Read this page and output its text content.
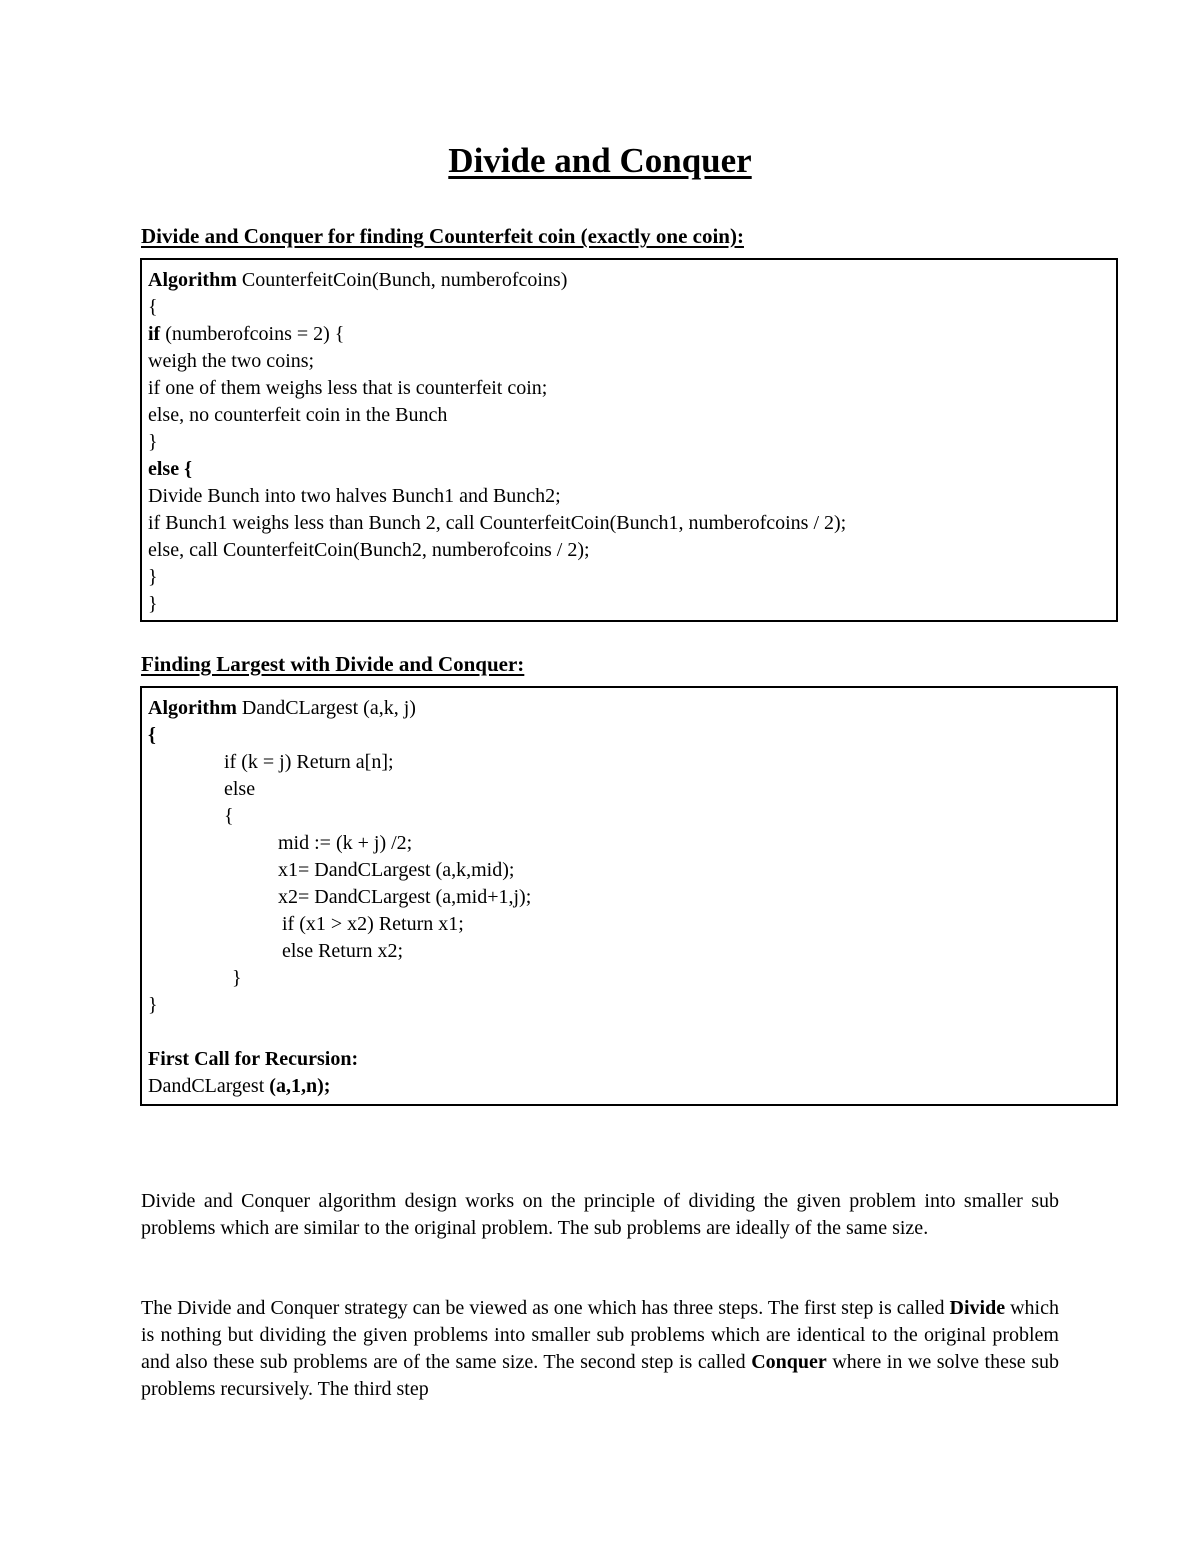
Divide and Conquer
Divide and Conquer for finding Counterfeit coin (exactly one coin):
Algorithm CounterfeitCoin(Bunch, numberofcoins)
{
if (numberofcoins = 2) {
weigh the two coins;
if one of them weighs less that is counterfeit coin;
else, no counterfeit coin in the Bunch
}
else {
Divide Bunch into two halves Bunch1 and Bunch2;
if Bunch1 weighs less than Bunch 2, call CounterfeitCoin(Bunch1, numberofcoins / 2);
else, call CounterfeitCoin(Bunch2, numberofcoins / 2);
}
}
Finding Largest with Divide and Conquer:
Algorithm DandCLargest (a,k, j)
{
if (k = j) Return a[n];
else
{
mid := (k + j) /2;
x1= DandCLargest (a,k,mid);
x2= DandCLargest (a,mid+1,j);
if (x1 > x2) Return x1;
else Return x2;
}
}
First Call for Recursion:
DandCLargest (a,1,n);

Divide and Conquer algorithm design works on the principle of dividing the given problem into smaller sub problems which are similar to the original problem. The sub problems are ideally of the same size.

The Divide and Conquer strategy can be viewed as one which has three steps. The first step is called Divide which is nothing but dividing the given problems into smaller sub problems which are identical to the original problem and also these sub problems are of the same size. The second step is called Conquer where in we solve these sub problems recursively. The third step
